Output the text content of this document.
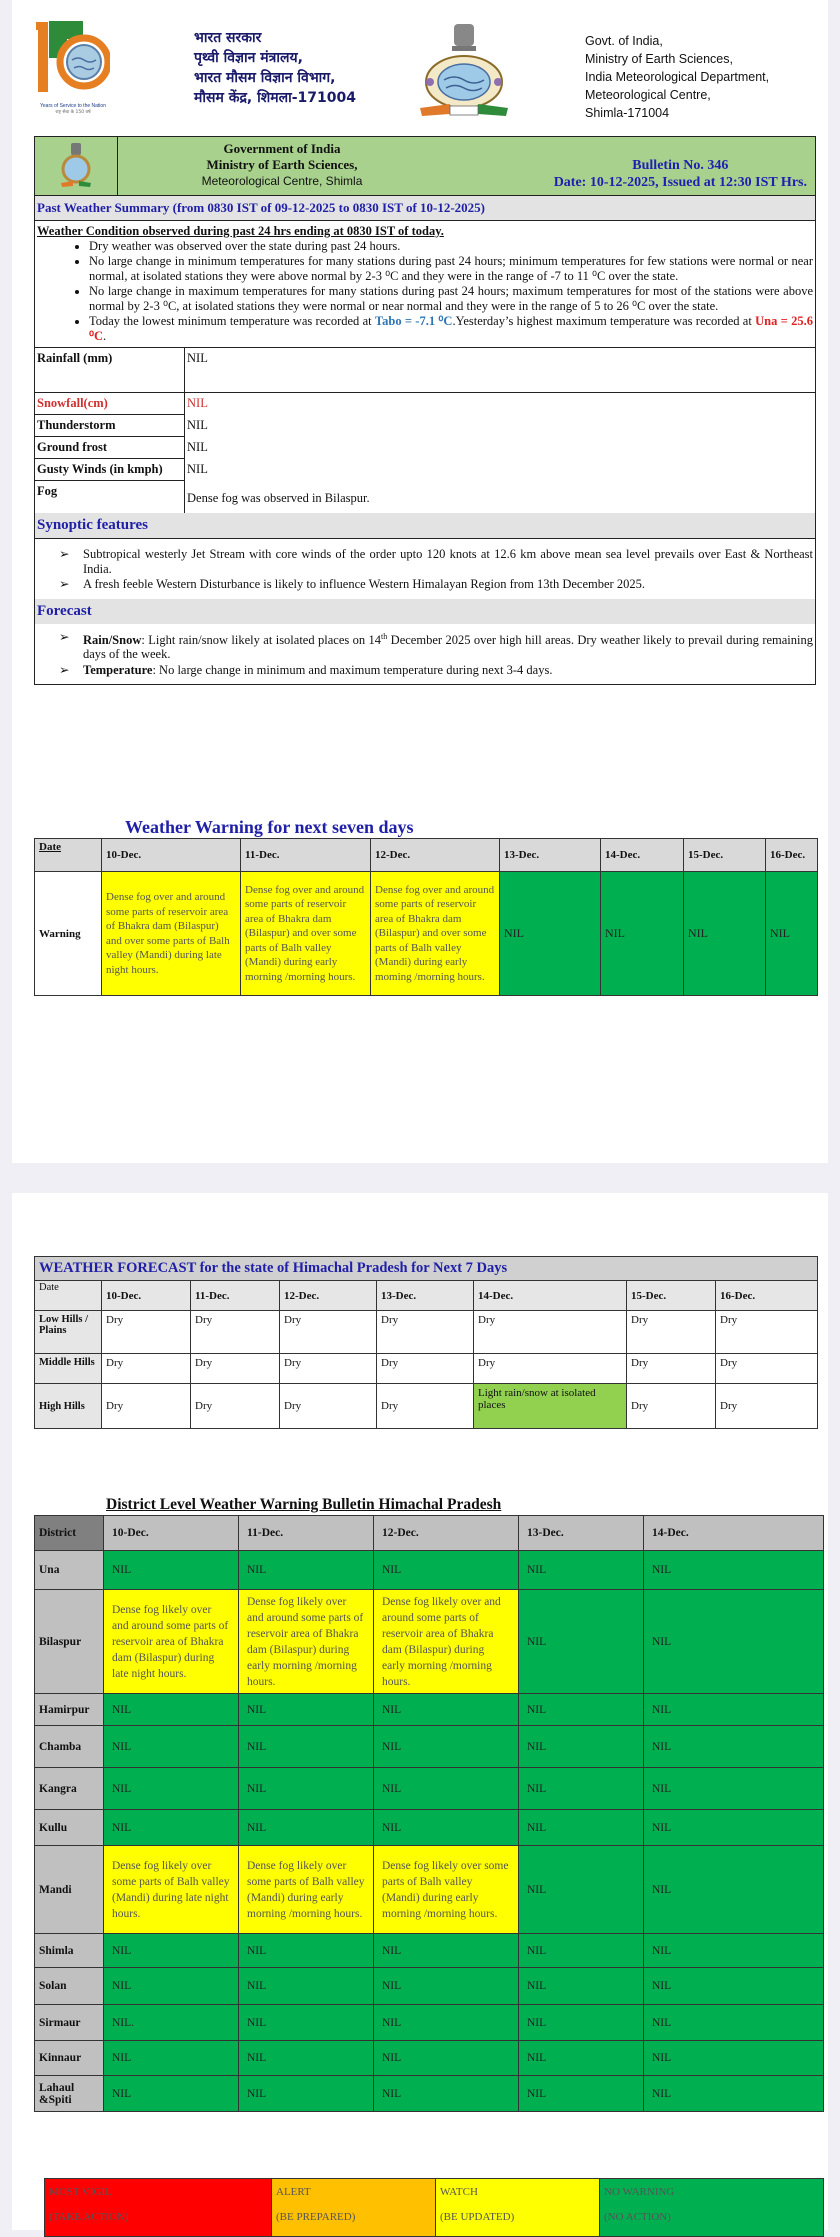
Years of Service to the Nation
राष्ट्र सेवा के 150 वर्ष
भारत सरकार
पृथ्वी विज्ञान मंत्रालय,
भारत मौसम विज्ञान विभाग,
मौसम केंद्र, शिमला-171004
Govt. of India,
Ministry of Earth Sciences,
India Meteorological Department,
Meteorological Centre,
Shimla-171004
Government of India
Ministry of Earth Sciences,
Meteorological Centre, Shimla
Bulletin No. 346
Date: 10-12-2025, Issued at 12:30 IST Hrs.
Past Weather Summary (from 0830 IST of 09-12-2025 to 0830 IST of 10-12-2025)
Weather Condition observed during past 24 hrs ending at 0830 IST of today.
• Dry weather was observed over the state during past 24 hours.
• No large change in minimum temperatures for many stations during past 24 hours; minimum temperatures for few stations were normal or near normal, at isolated stations they were above normal by 2-3 ⁰C and they were in the range of -7 to 11 ⁰C over the state.
• No large change in maximum temperatures for many stations during past 24 hours; maximum temperatures for most of the stations were above normal by 2-3 ⁰C, at isolated stations they were normal or near normal and they were in the range of 5 to 26 ⁰C over the state.
• Today the lowest minimum temperature was recorded at Tabo = -7.1 ⁰C.Yesterday’s highest maximum temperature was recorded at Una = 25.6 ⁰C.
Rainfall (mm)	NIL
Snowfall(cm)	NIL
Thunderstorm	NIL
Ground frost	NIL
Gusty Winds (in kmph)	NIL
Fog	Dense fog was observed in Bilaspur.
Synoptic features
➢ Subtropical westerly Jet Stream with core winds of the order upto 120 knots at 12.6 km above mean sea level prevails over East & Northeast India.
➢ A fresh feeble Western Disturbance is likely to influence Western Himalayan Region from 13th December 2025.
Forecast
➢ Rain/Snow: Light rain/snow likely at isolated places on 14th December 2025 over high hill areas. Dry weather likely to prevail during remaining days of the week.
➢ Temperature: No large change in minimum and maximum temperature during next 3-4 days.
Weather Warning for next seven days
Date	10-Dec.	11-Dec.	12-Dec.	13-Dec.	14-Dec.	15-Dec.	16-Dec.
Warning	Dense fog over and around some parts of reservoir area of Bhakra dam (Bilaspur) and over some parts of Balh valley (Mandi) during late night hours.	Dense fog over and around some parts of reservoir area of Bhakra dam (Bilaspur) and over some parts of Balh valley (Mandi) during early morning /morning hours.	Dense fog over and around some parts of reservoir area of Bhakra dam (Bilaspur) and over some parts of Balh valley (Mandi) during early moming /morning hours.	NIL	NIL	NIL	NIL
WEATHER FORECAST for the state of Himachal Pradesh for Next 7 Days							
Date	10-Dec.	11-Dec.	12-Dec.	13-Dec.	14-Dec.	15-Dec.	16-Dec.
Low Hills / Plains	Dry	Dry	Dry	Dry	Dry	Dry	Dry
Middle Hills	Dry	Dry	Dry	Dry	Dry	Dry	Dry
High Hills	Dry	Dry	Dry	Dry	Light rain/snow at isolated places	Dry	Dry
District Level Weather Warning Bulletin Himachal Pradesh
District	10-Dec.	11-Dec.	12-Dec.	13-Dec.	14-Dec.
Una	NIL	NIL	NIL	NIL	NIL
Bilaspur	Dense fog likely over and around some parts of reservoir area of Bhakra dam (Bilaspur) during late night hours.	Dense fog likely over and around some parts of reservoir area of Bhakra dam (Bilaspur) during early morning /morning hours.	Dense fog likely over and around some parts of reservoir area of Bhakra dam (Bilaspur) during early morning /morning hours.	NIL	NIL
Hamirpur	NIL	NIL	NIL	NIL	NIL
Chamba	NIL	NIL	NIL	NIL	NIL
Kangra	NIL	NIL	NIL	NIL	NIL
Kullu	NIL	NIL	NIL	NIL	NIL
Mandi	Dense fog likely over some parts of Balh valley (Mandi) during late night hours.	Dense fog likely over some parts of Balh valley (Mandi) during early morning /morning hours.	Dense fog likely over some parts of Balh valley (Mandi) during early morning /morning hours.	NIL	NIL
Shimla	NIL	NIL	NIL	NIL	NIL
Solan	NIL	NIL	NIL	NIL	NIL
Sirmaur	NIL.	NIL	NIL	NIL	NIL
Kinnaur	NIL	NIL	NIL	NIL	NIL
Lahaul &Spiti	NIL	NIL	NIL	NIL	NIL
MOST VIGIL
(TAKE ACTION)
ALERT
(BE PREPARED)
WATCH
(BE UPDATED)
NO WARNING
(NO ACTION)
